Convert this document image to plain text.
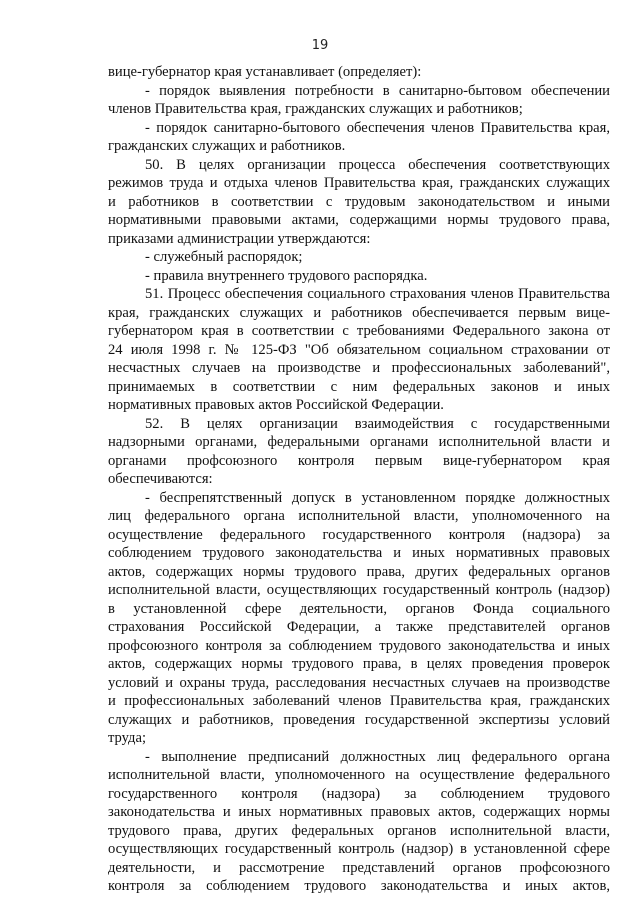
19
вице-губернатор края устанавливает (определяет):
- порядок выявления потребности в санитарно-бытовом обеспечении
членов Правительства края, гражданских служащих и работников;
- порядок санитарно-бытового обеспечения членов Правительства края,
гражданских служащих и работников.
50. В целях организации процесса обеспечения соответствующих
режимов труда и отдыха членов Правительства края, гражданских служащих
и работников в соответствии с трудовым законодательством и иными
нормативными правовыми актами, содержащими нормы трудового права,
приказами администрации утверждаются:
- служебный распорядок;
- правила внутреннего трудового распорядка.
51. Процесс обеспечения социального страхования членов Правительства
края, гражданских служащих и работников обеспечивается первым вице-
губернатором края в соответствии с требованиями Федерального закона от
24 июля 1998 г. № 125-ФЗ "Об обязательном социальном страховании от
несчастных случаев на производстве и профессиональных заболеваний",
принимаемых в соответствии с ним федеральных законов и иных
нормативных правовых актов Российской Федерации.
52. В целях организации взаимодействия с государственными
надзорными органами, федеральными органами исполнительной власти и
органами профсоюзного контроля первым вице-губернатором края
обеспечиваются:
- беспрепятственный допуск в установленном порядке должностных
лиц федерального органа исполнительной власти, уполномоченного на
осуществление федерального государственного контроля (надзора) за
соблюдением трудового законодательства и иных нормативных правовых
актов, содержащих нормы трудового права, других федеральных органов
исполнительной власти, осуществляющих государственный контроль (надзор)
в установленной сфере деятельности, органов Фонда социального
страхования Российской Федерации, а также представителей органов
профсоюзного контроля за соблюдением трудового законодательства и иных
актов, содержащих нормы трудового права, в целях проведения проверок
условий и охраны труда, расследования несчастных случаев на производстве
и профессиональных заболеваний членов Правительства края, гражданских
служащих и работников, проведения государственной экспертизы условий
труда;
- выполнение предписаний должностных лиц федерального органа
исполнительной власти, уполномоченного на осуществление федерального
государственного контроля (надзора) за соблюдением трудового
законодательства и иных нормативных правовых актов, содержащих нормы
трудового права, других федеральных органов исполнительной власти,
осуществляющих государственный контроль (надзор) в установленной сфере
деятельности, и рассмотрение представлений органов профсоюзного
контроля за соблюдением трудового законодательства и иных актов,
